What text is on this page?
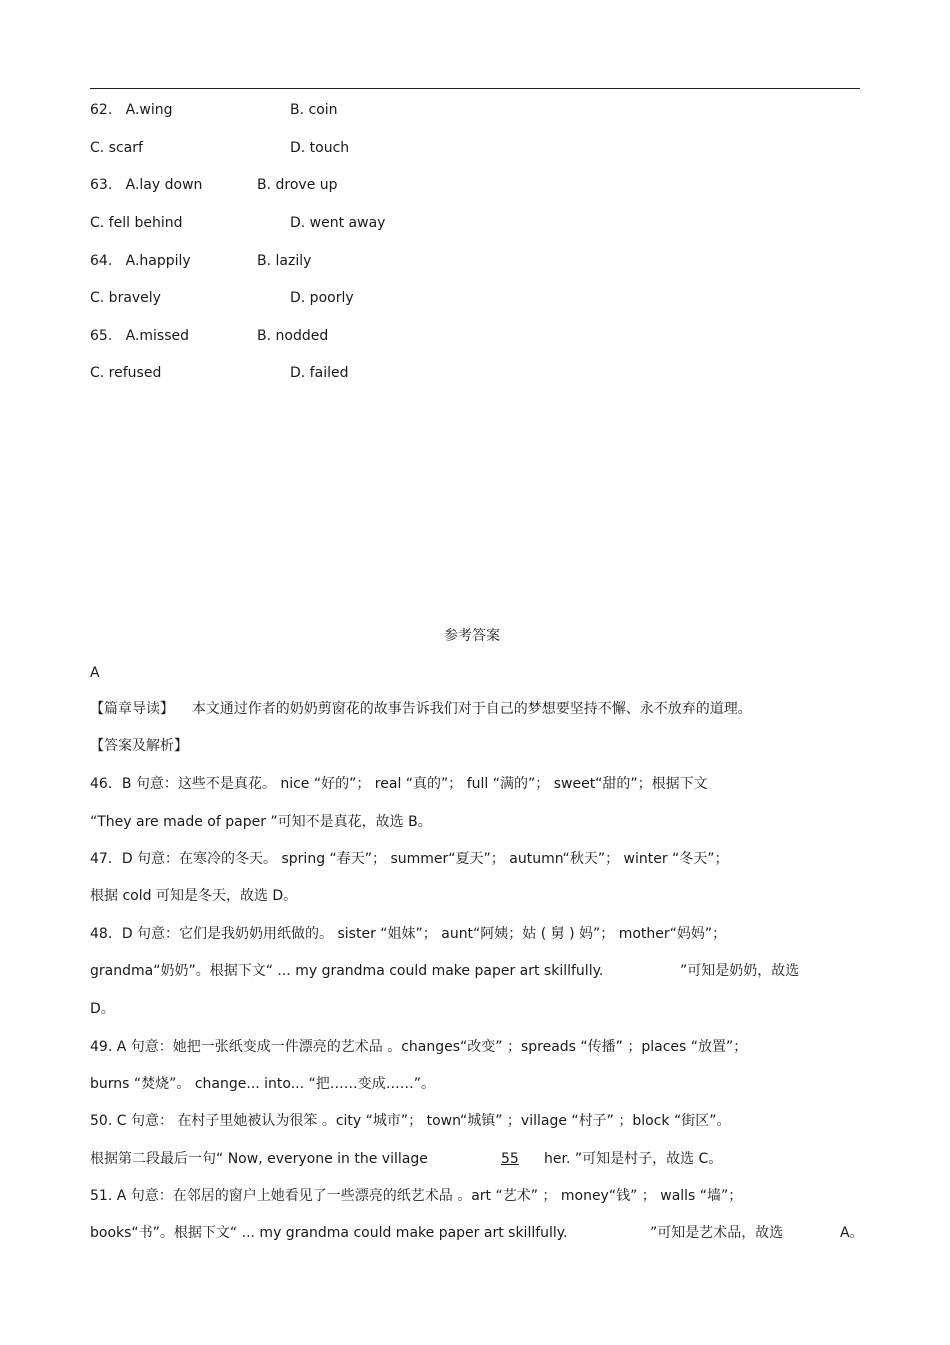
62. A.wing	B. coin
C. scarf	D. touch
63. A.lay down	B. drove up
C. fell behind	D. went away
64. A.happily	B. lazily
C. bravely	D. poorly
65. A.missed	B. nodded
C. refused	D. failed
参考答案
A
【篇章导读】 本文通过作者的奶奶剪窗花的故事告诉我们对于自己的梦想要坚持不懈、永不放弃的道理。
【答案及解析】
46．B 句意：这些不是真花。 nice “好的”； real “真的”； full “满的”； sweet“甜的”；根据下文
“They are made of paper ”可知不是真花，故选 B。
47．D 句意：在寒冷的冬天。 spring “春天”； summer“夏天”； autumn“秋天”； winter “冬天”；
根据 cold 可知是冬天，故选 D。
48．D 句意：它们是我奶奶用纸做的。 sister “姐妹”； aunt“阿姨；姑 ( 舅 ) 妈”； mother“妈妈”；
grandma“奶奶”。根据下文“ ... my grandma could make paper art skillfully.	”可知是奶奶，故选
D。
49. A 句意：她把一张纸变成一件漂亮的艺术品 。changes“改变” ；spreads “传播” ；places “放置”；
burns “焚烧”。 change... into... “把……变成……”。
50. C 句意： 在村子里她被认为很笨 。city “城市”； town“城镇” ；village “村子” ；block “街区”。
根据第二段最后一句“ Now, everyone in the village	55 her. ”可知是村子，故选 C。
51. A 句意：在邻居的窗户上她看见了一些漂亮的纸艺术品 。art “艺术” ； money“钱” ； walls “墙”；
books“书”。根据下文“ ... my grandma could make paper art skillfully.	”可知是艺术品，故选	A。
